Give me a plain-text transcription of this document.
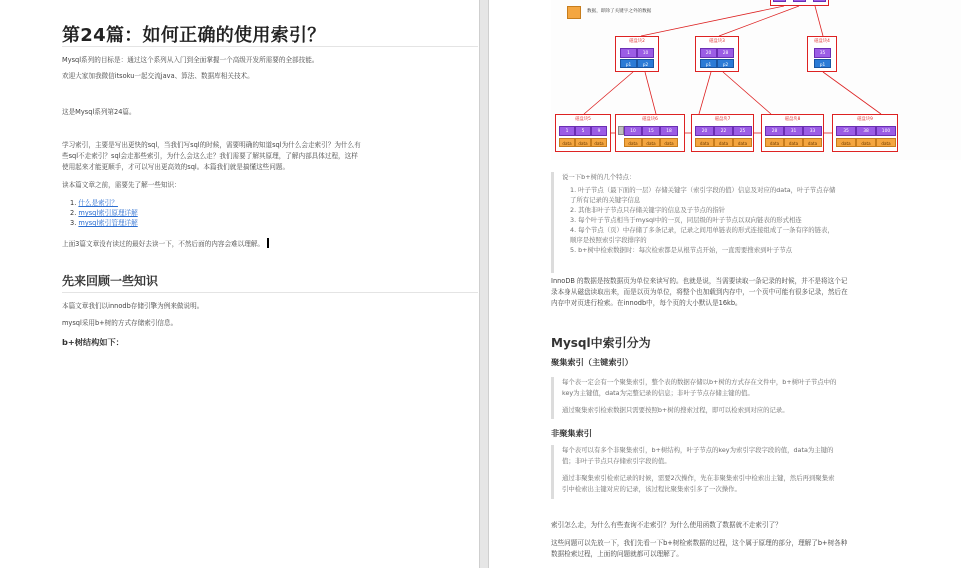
第24篇：如何正确的使用索引？
Mysql系列的目标是：通过这个系列从入门到全面掌握一个高级开发所需要的全部技能。
欢迎大家加我微信itsoku一起交流java、算法、数据库相关技术。
这是Mysql系列第24篇。
学习索引，主要是写出更快的sql，当我们写sql的时候，需要明确的知道sql为什么会走索引？为什么有
些sql不走索引？sql会走那些索引，为什么会这么走？我们需要了解其原理，了解内部具体过程，这样
使用起来才能更顺手，才可以写出更高效的sql。本篇我们就是搞懂这些问题。
读本篇文章之前，需要先了解一些知识：
1. 什么是索引？
2. mysql索引原理详解
3. mysql索引管理详解
上面3篇文章没有读过的最好去读一下，不然后面的内容会难以理解。
先来回顾一些知识
本篇文章我们以innodb存储引擎为例来做说明。
mysql采用b+树的方式存储索引信息。
b+树结构如下：
数据，即除了关键字之外的数据
磁盘块2
1	10
p1	p2
磁盘块3
20	28
p1	p2
磁盘块4
35
p1
磁盘块5
1	5	9
data	data	data
磁盘块6
10	15	18
data	data	data
磁盘块7
20	22	25
data	data	data
磁盘块8
28	31	33
data	data	data
磁盘块9
35	38	100
data	data	data
说一下b+树的几个特点：
1. 叶子节点（最下面的一层）存储关键字（索引字段的值）信息及对应的data，叶子节点存储
了所有记录的关键字信息
2. 其他非叶子节点只存储关键字的信息及子节点的指针
3. 每个叶子节点相当于mysql中的一页，同层级的叶子节点以双向链表的形式相连
4. 每个节点（页）中存储了多条记录，记录之间用单链表的形式连接组成了一条有序的链表，
顺序是按照索引字段排序的
5. b+树中检索数据时：每次检索都是从根节点开始，一直需要搜索到叶子节点
InnoDB 的数据是按数据页为单位来读写的。也就是说，当需要读取一条记录的时候，并不是将这个记
录本身从磁盘读取出来，而是以页为单位，将整个也加载到内存中，一个页中可能有很多记录，然后在
内存中对页进行检索。在innodb中，每个页的大小默认是16kb。
Mysql中索引分为
聚集索引（主键索引）
每个表一定会有一个聚集索引，整个表的数据存储以b+树的方式存在文件中，b+树叶子节点中的
key为主键值，data为完整记录的信息；非叶子节点存储主键的值。
通过聚集索引检索数据只需要按照b+树的搜索过程，即可以检索到对应的记录。
非聚集索引
每个表可以有多个非聚集索引，b+树结构，叶子节点的key为索引字段字段的值，data为主键的
值；非叶子节点只存储索引字段的值。
通过非聚集索引检索记录的时候，需要2次操作，先在非聚集索引中检索出主键，然后再到聚集索
引中检索出主键对应的记录，该过程比聚集索引多了一次操作。
索引怎么走，为什么有些查询不走索引？为什么使用函数了数据就不走索引了？
这些问题可以先放一下，我们先看一下b+树检索数据的过程，这个属于原理的部分，理解了b+树各种
数据检索过程，上面的问题就都可以理解了。
